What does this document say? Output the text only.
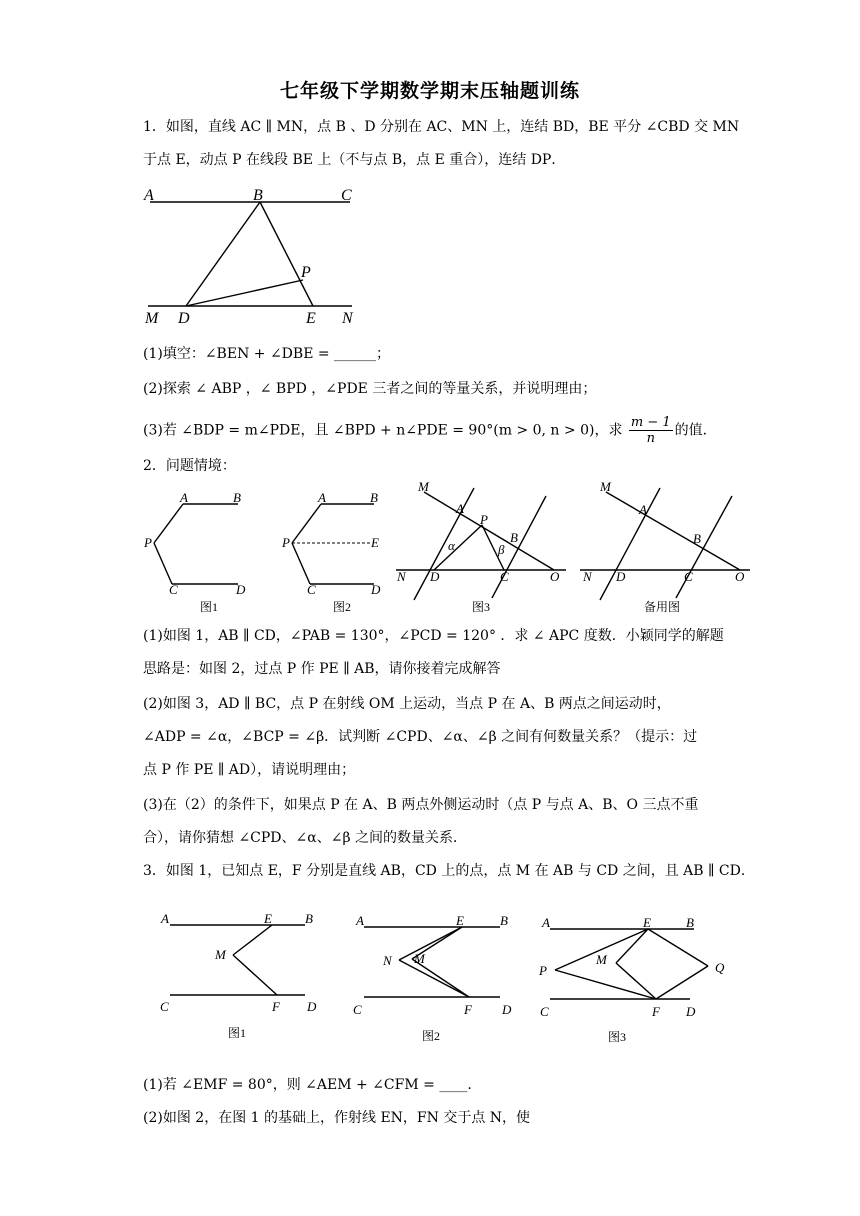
七年级下学期数学期末压轴题训练
1．如图，直线 AC ∥ MN，点 B 、D 分别在 AC、MN 上，连结 BD，BE 平分 ∠CBD 交 MN
于点 E，动点 P 在线段 BE 上（不与点 B，点 E 重合），连结 DP．
A	B	C
P
M D	E N
(1)填空：∠BEN + ∠DBE = ______；
(2)探索 ∠ ABP ，∠ BPD ，∠PDE 三者之间的等量关系，并说明理由；
(3)若 ∠BDP = m∠PDE，且 ∠BPD + n∠PDE = 90°(m > 0, n > 0)，求 $\frac{m - 1}{n}$ 的值.
2．问题情境：
A	B
P
C	D
图1
A	B
P	E
C	D
图2
M
A
P
B
α	β
N D	C	O
图3
M
A
B
N D	C	O
备用图
(1)如图 1，AB ∥ CD，∠PAB = 130°，∠PCD = 120° ．求 ∠ APC 度数．小颖同学的解题
思路是：如图 2，过点 P 作 PE ∥ AB，请你接着完成解答
(2)如图 3，AD ∥ BC，点 P 在射线 OM 上运动，当点 P 在 A、B 两点之间运动时，
∠ADP = ∠α，∠BCP = ∠β．试判断 ∠CPD、∠α、∠β 之间有何数量关系？（提示：过
点 P 作 PE ∥ AD），请说明理由；
(3)在（2）的条件下，如果点 P 在 A、B 两点外侧运动时（点 P 与点 A、B、O 三点不重
合），请你猜想 ∠CPD、∠α、∠β 之间的数量关系．
3．如图 1，已知点 E，F 分别是直线 AB，CD 上的点，点 M 在 AB 与 CD 之间，且 AB ∥ CD．
A	E	B
M
C	F D
图1
A	E	B
N M
C	F D
图2
A	E	B
P
M
Q
C	F D
图3
(1)若 ∠EMF = 80°，则 ∠AEM + ∠CFM = ____.
(2)如图 2，在图 1 的基础上，作射线 EN，FN 交于点 N，使
